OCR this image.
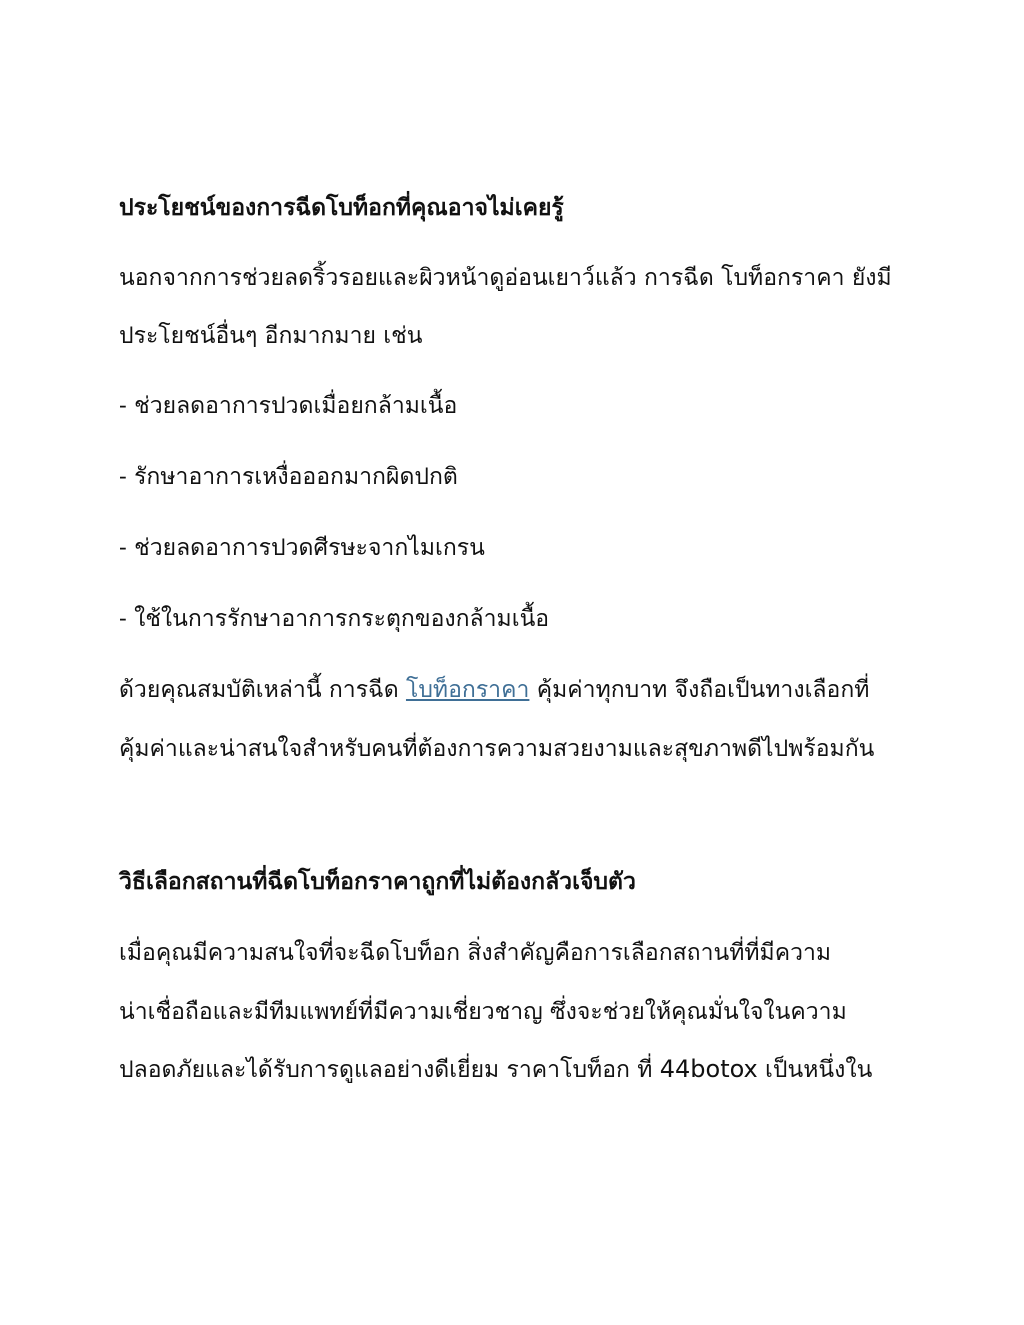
ประโยชน์ของการฉีดโบท็อกที่คุณอาจไม่เคยรู้
นอกจากการช่วยลดริ้วรอยและผิวหน้าดูอ่อนเยาว์แล้ว การฉีด โบท็อกราคา ยังมี
ประโยชน์อื่นๆ อีกมากมาย เช่น
- ช่วยลดอาการปวดเมื่อยกล้ามเนื้อ
- รักษาอาการเหงื่อออกมากผิดปกติ
- ช่วยลดอาการปวดศีรษะจากไมเกรน
- ใช้ในการรักษาอาการกระตุกของกล้ามเนื้อ
ด้วยคุณสมบัติเหล่านี้ การฉีด โบท็อกราคา คุ้มค่าทุกบาท จึงถือเป็นทางเลือกที่
คุ้มค่าและน่าสนใจสำหรับคนที่ต้องการความสวยงามและสุขภาพดีไปพร้อมกัน
วิธีเลือกสถานที่ฉีดโบท็อกราคาถูกที่ไม่ต้องกลัวเจ็บตัว
เมื่อคุณมีความสนใจที่จะฉีดโบท็อก สิ่งสำคัญคือการเลือกสถานที่ที่มีความ
น่าเชื่อถือและมีทีมแพทย์ที่มีความเชี่ยวชาญ ซึ่งจะช่วยให้คุณมั่นใจในความ
ปลอดภัยและได้รับการดูแลอย่างดีเยี่ยม ราคาโบท็อก ที่ 44botox เป็นหนึ่งใน
